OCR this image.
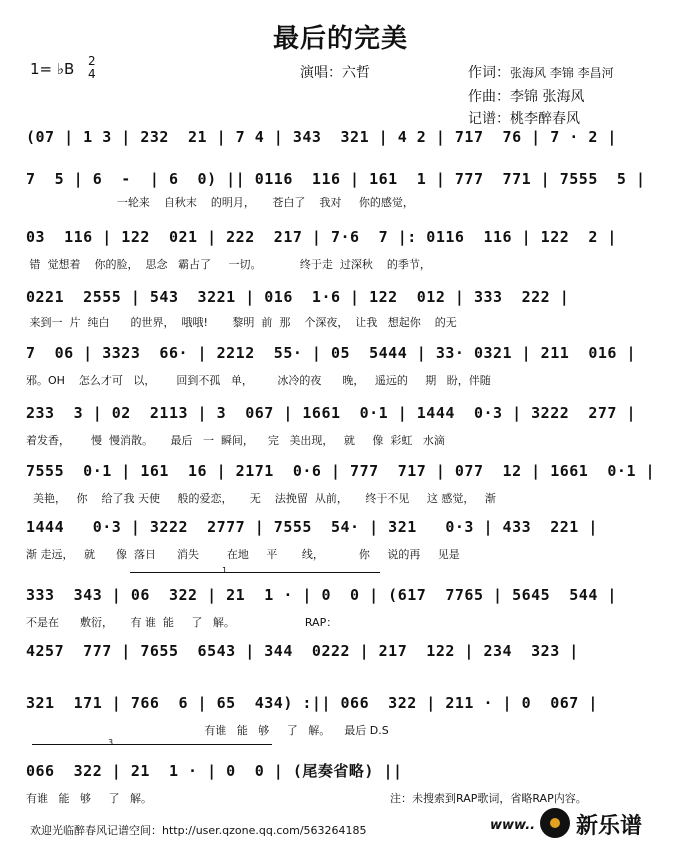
最后的完美
1= ♭B 2
4	演唱：六哲	作词：张海风 李锦 李昌河
作曲：李锦 张海风
记谱：桃李醉春风
(07 | 1 3 | 232  21 | 7 4 | 343  321 | 4 2 | 717  76 | 7 · 2 |
7  5 | 6  -  | 6  0) || 0116  116 | 161  1 | 777  771 | 7555  5 |
一轮来    自秋末    的明月，     苍白了    我对     你的感觉，
03  116 | 122  021 | 222  217 | 7·6  7 |: 0116  116 | 122  2 |
错  觉想着    你的脸，  思念   霸占了     一切。           终于走  过深秋    的季节，
0221  2555 | 543  3221 | 016  1·6 | 122  012 | 333  222 |
来到一  片  纯白      的世界，  哦哦!       黎明  前  那    个深夜，  让我   想起你    的无
7  06 | 3323  66· | 2212  55· | 05  5444 | 33· 0321 | 211  016 |
邪。OH    怎么才可   以，      回到不孤   单，       冰冷的夜      晚，   遥远的     期   盼，伴随
233  3 | 02  2113 | 3  067 | 1661  0·1 | 1444  0·3 | 3222  277 |
着发香，      慢  慢消散。     最后   一  瞬间，    完   美出现，   就     像  彩虹   水滴
7555  0·1 | 161  16 | 2171  0·6 | 777  717 | 077  12 | 1661  0·1 |
美艳，   你    给了我 天使     般的爱恋，     无    法挽留  从前，     终于不见     这 感觉，   渐
1444   0·3 | 3222  2777 | 7555  54· | 321   0·3 | 433  221 |
渐 走远，   就      像  落日      消失        在地     平       线，          你     说的再     见是
1
333  343 | 06  322 | 21  1 · | 0  0 | (617  7765 | 5645  544 |
不是在      敷衍，     有 谁  能     了   解。                    RAP：
4257  777 | 7655  6543 | 344  0222 | 217  122 | 234  323 |
321  171 | 766  6 | 65  434) :|| 066  322 | 211 · | 0  067 |
有谁   能   够     了   解。    最后 D.S
3
066  322 | 21  1 · | 0  0 | (尾奏省略) ||
有谁   能   够     了   解。	注：未搜索到RAP歌词，省略RAP内容。
欢迎光临醉春风记谱空间：http://user.qzone.qq.com/563264185	www.. 新乐谱
